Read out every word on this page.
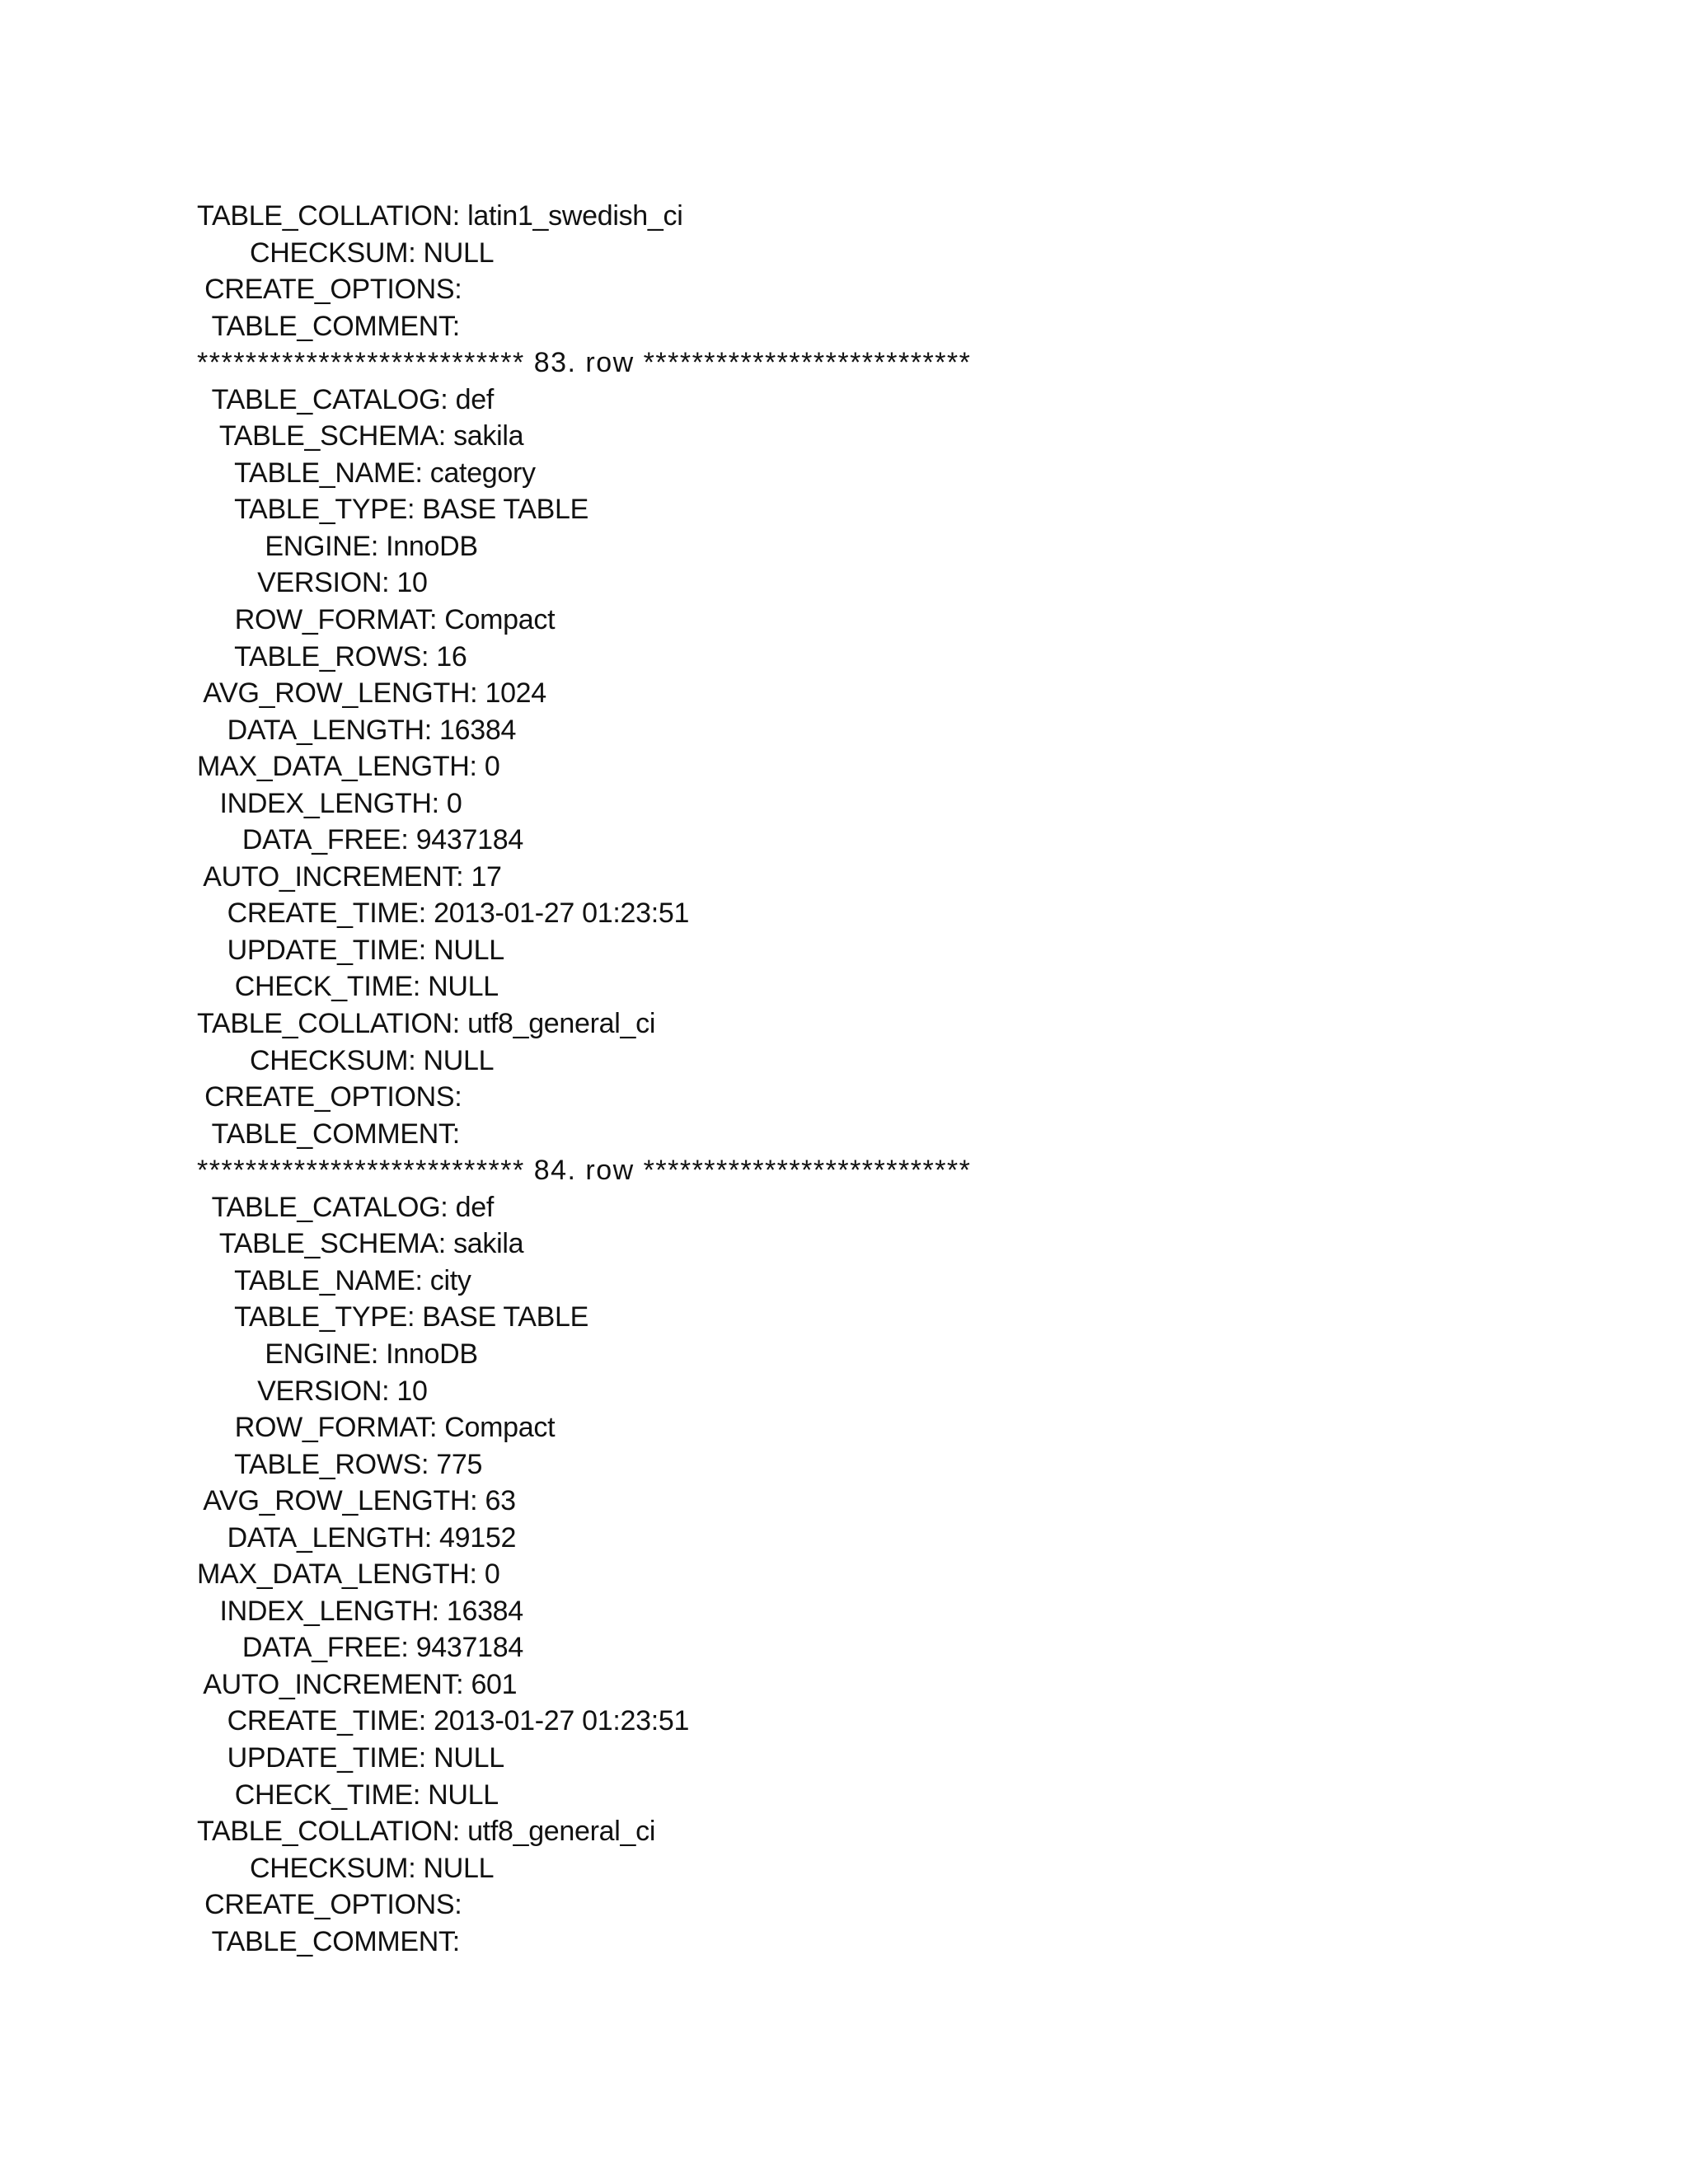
TABLE_COLLATION: latin1_swedish_ci
CHECKSUM: NULL
CREATE_OPTIONS:
TABLE_COMMENT:
*************************** 83. row ***************************
TABLE_CATALOG: def
TABLE_SCHEMA: sakila
TABLE_NAME: category
TABLE_TYPE: BASE TABLE
ENGINE: InnoDB
VERSION: 10
ROW_FORMAT: Compact
TABLE_ROWS: 16
AVG_ROW_LENGTH: 1024
DATA_LENGTH: 16384
MAX_DATA_LENGTH: 0
INDEX_LENGTH: 0
DATA_FREE: 9437184
AUTO_INCREMENT: 17
CREATE_TIME: 2013-01-27 01:23:51
UPDATE_TIME: NULL
CHECK_TIME: NULL
TABLE_COLLATION: utf8_general_ci
CHECKSUM: NULL
CREATE_OPTIONS:
TABLE_COMMENT:
*************************** 84. row ***************************
TABLE_CATALOG: def
TABLE_SCHEMA: sakila
TABLE_NAME: city
TABLE_TYPE: BASE TABLE
ENGINE: InnoDB
VERSION: 10
ROW_FORMAT: Compact
TABLE_ROWS: 775
AVG_ROW_LENGTH: 63
DATA_LENGTH: 49152
MAX_DATA_LENGTH: 0
INDEX_LENGTH: 16384
DATA_FREE: 9437184
AUTO_INCREMENT: 601
CREATE_TIME: 2013-01-27 01:23:51
UPDATE_TIME: NULL
CHECK_TIME: NULL
TABLE_COLLATION: utf8_general_ci
CHECKSUM: NULL
CREATE_OPTIONS:
TABLE_COMMENT:
